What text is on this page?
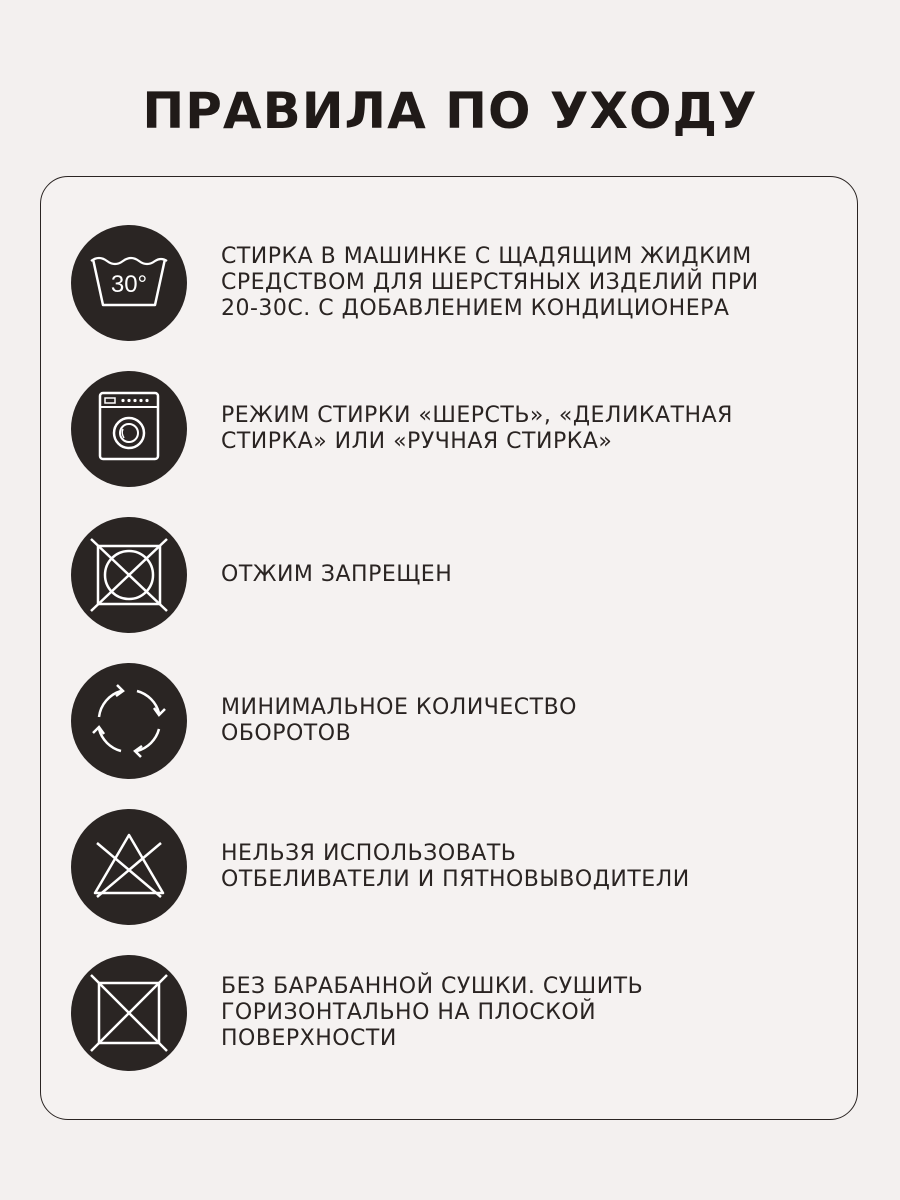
ПРАВИЛА ПО УХОДУ
30°
СТИРКА В МАШИНКЕ С ЩАДЯЩИМ ЖИДКИМ
СРЕДСТВОМ ДЛЯ ШЕРСТЯНЫХ ИЗДЕЛИЙ ПРИ
20-30С. С ДОБАВЛЕНИЕМ КОНДИЦИОНЕРА
РЕЖИМ СТИРКИ «ШЕРСТЬ», «ДЕЛИКАТНАЯ
СТИРКА» ИЛИ «РУЧНАЯ СТИРКА»
ОТЖИМ ЗАПРЕЩЕН
МИНИМАЛЬНОЕ КОЛИЧЕСТВО
ОБОРОТОВ
НЕЛЬЗЯ ИСПОЛЬЗОВАТЬ
ОТБЕЛИВАТЕЛИ И ПЯТНОВЫВОДИТЕЛИ
БЕЗ БАРАБАННОЙ СУШКИ. СУШИТЬ
ГОРИЗОНТАЛЬНО НА ПЛОСКОЙ
ПОВЕРХНОСТИ
